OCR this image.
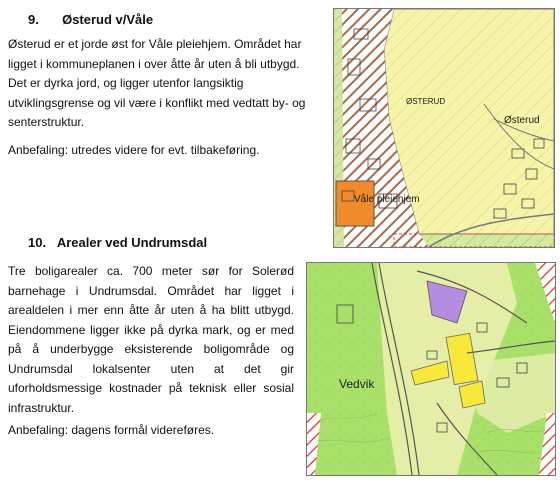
9. Østerud v/Våle

Østerud er et jorde øst for Våle pleiehjem. Området har ligget i kommuneplanen i over åtte år uten å bli utbygd. Det er dyrka jord, og ligger utenfor langsiktig utviklingsgrense og vil være i konflikt med vedtatt by- og senterstruktur.

Anbefaling: utredes videre for evt. tilbakeføring.

ØSTERUD
Østerud
Våle pleiehjem
10. Arealer ved Undrumsdal

Tre boligarealer ca. 700 meter sør for Solerød barnehage i Undrumsdal. Området har ligget i arealdelen i mer enn åtte år uten å ha blitt utbygd. Eiendommene ligger ikke på dyrka mark, og er med på å underbygge eksisterende boligområde og Undrumsdal lokalsenter uten at det gir uforholdsmessige kostnader på teknisk eller sosial infrastruktur.

Anbefaling: dagens formål videreføres.

Vedvik
